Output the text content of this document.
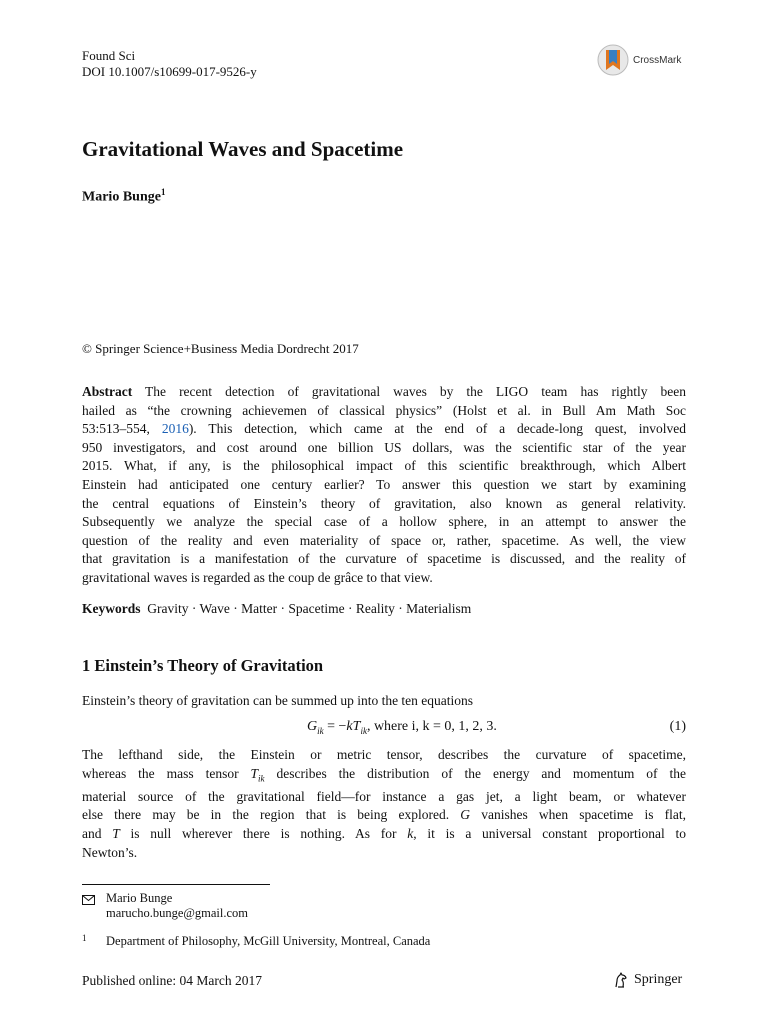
Found Sci
DOI 10.1007/s10699-017-9526-y
CrossMark
Gravitational Waves and Spacetime
Mario Bunge$^1$
© Springer Science+Business Media Dordrecht 2017
Abstract The recent detection of gravitational waves by the LIGO team has rightly been
hailed as “the crowning achievemen of classical physics” (Holst et al. in Bull Am Math Soc
53:513–554, 2016). This detection, which came at the end of a decade-long quest, involved
950 investigators, and cost around one billion US dollars, was the scientific star of the year
2015. What, if any, is the philosophical impact of this scientific breakthrough, which Albert
Einstein had anticipated one century earlier? To answer this question we start by examining
the central equations of Einstein’s theory of gravitation, also known as general relativity.
Subsequently we analyze the special case of a hollow sphere, in an attempt to answer the
question of the reality and even materiality of space or, rather, spacetime. As well, the view
that gravitation is a manifestation of the curvature of spacetime is discussed, and the reality of
gravitational waves is regarded as the coup de grâce to that view.
Keywords Gravity · Wave · Matter · Spacetime · Reality · Materialism
1 Einstein’s Theory of Gravitation
Einstein’s theory of gravitation can be summed up into the ten equations
$G_{ik} = -kT_{ik}$, where i, k = 0, 1, 2, 3.	(1)
The lefthand side, the Einstein or metric tensor, describes the curvature of spacetime,
whereas the mass tensor $T_{ik}$ describes the distribution of the energy and momentum of the
material source of the gravitational field—for instance a gas jet, a light beam, or whatever
else there may be in the region that is being explored. G vanishes when spacetime is flat,
and T is null wherever there is nothing. As for k, it is a universal constant proportional to
Newton’s.
Mario Bunge
marucho.bunge@gmail.com
1 Department of Philosophy, McGill University, Montreal, Canada
Published online: 04 March 2017	Springer
